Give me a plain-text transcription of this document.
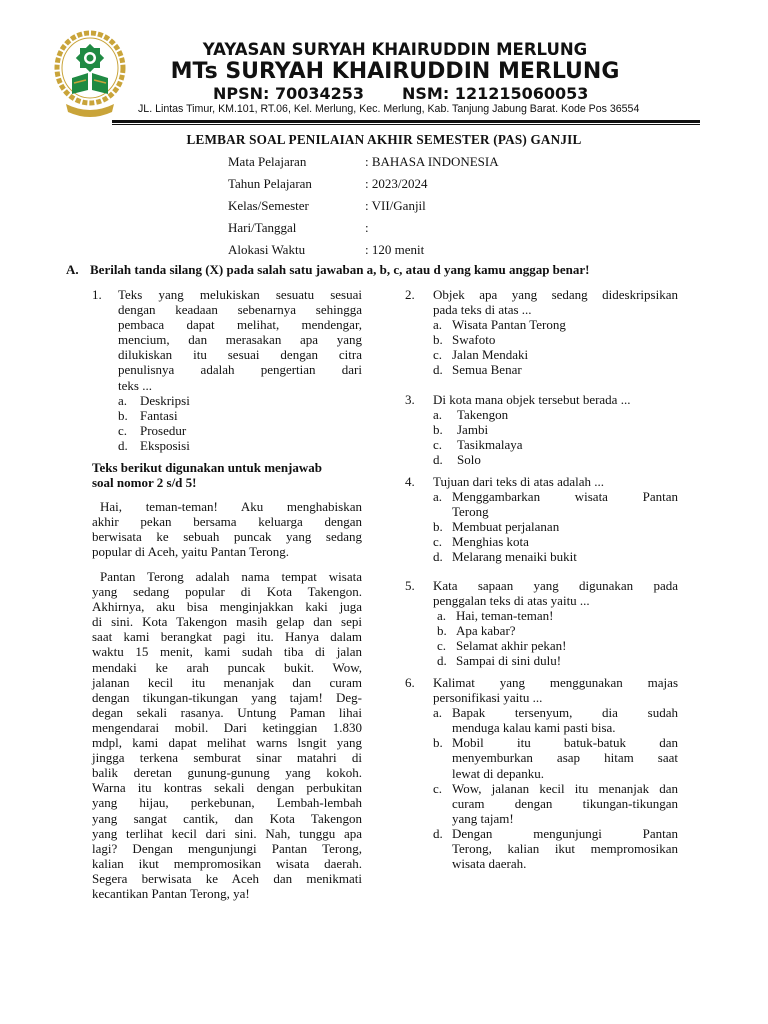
YAYASAN SURYAH KHAIRUDDIN MERLUNG
MTs SURYAH KHAIRUDDIN MERLUNG
NPSN: 70034253 NSM: 121215060053
JL. Lintas Timur, KM.101, RT.06, Kel. Merlung, Kec. Merlung, Kab. Tanjung Jabung Barat. Kode Pos 36554
LEMBAR SOAL PENILAIAN AKHIR SEMESTER (PAS) GANJIL
Mata Pelajaran	: BAHASA INDONESIA
Tahun Pelajaran	: 2023/2024
Kelas/Semester	: VII/Ganjil
Hari/Tanggal	:
Alokasi Waktu	: 120 menit
A. Berilah tanda silang (X) pada salah satu jawaban a, b, c, atau d yang kamu anggap benar!
1. Teks yang melukiskan sesuatu sesuai
dengan keadaan sebenarnya sehingga
pembaca dapat melihat, mendengar,
mencium, dan merasakan apa yang
dilukiskan itu sesuai dengan citra
penulisnya adalah pengertian dari
teks ...
a. Deskripsi
b. Fantasi
c. Prosedur
d. Eksposisi
Teks berikut digunakan untuk menjawab
soal nomor 2 s/d 5!
Hai, teman-teman! Aku menghabiskan
akhir pekan bersama keluarga dengan
berwisata ke sebuah puncak yang sedang
popular di Aceh, yaitu Pantan Terong.
Pantan Terong adalah nama tempat wisata
yang sedang popular di Kota Takengon.
Akhirnya, aku bisa menginjakkan kaki juga
di sini. Kota Takengon masih gelap dan sepi
saat kami berangkat pagi itu. Hanya dalam
waktu 15 menit, kami sudah tiba di jalan
mendaki ke arah puncak bukit. Wow,
jalanan kecil itu menanjak dan curam
dengan tikungan-tikungan yang tajam! Deg-
degan sekali rasanya. Untung Paman lihai
mengendarai mobil. Dari ketinggian 1.830
mdpl, kami dapat melihat warns lsngit yang
jingga terkena semburat sinar matahri di
balik deretan gunung-gunung yang kokoh.
Warna itu kontras sekali dengan perbukitan
yang hijau, perkebunan, Lembah-lembah
yang sangat cantik, dan Kota Takengon
yang terlihat kecil dari sini. Nah, tunggu apa
lagi? Dengan mengunjungi Pantan Terong,
kalian ikut mempromosikan wisata daerah.
Segera berwisata ke Aceh dan menikmati
kecantikan Pantan Terong, ya!
2. Objek apa yang sedang dideskripsikan
pada teks di atas ...
a. Wisata Pantan Terong
b. Swafoto
c. Jalan Mendaki
d. Semua Benar
3. Di kota mana objek tersebut berada ...
a. Takengon
b. Jambi
c. Tasikmalaya
d. Solo
4. Tujuan dari teks di atas adalah ...
a. Menggambarkan wisata Pantan
Terong
b. Membuat perjalanan
c. Menghias kota
d. Melarang menaiki bukit
5. Kata sapaan yang digunakan pada
penggalan teks di atas yaitu ...
a. Hai, teman-teman!
b. Apa kabar?
c. Selamat akhir pekan!
d. Sampai di sini dulu!
6. Kalimat yang menggunakan majas
personifikasi yaitu ...
a. Bapak tersenyum, dia sudah
menduga kalau kami pasti bisa.
b. Mobil itu batuk-batuk dan
menyemburkan asap hitam saat
lewat di depanku.
c. Wow, jalanan kecil itu menanjak dan
curam dengan tikungan-tikungan
yang tajam!
d. Dengan mengunjungi Pantan
Terong, kalian ikut mempromosikan
wisata daerah.
